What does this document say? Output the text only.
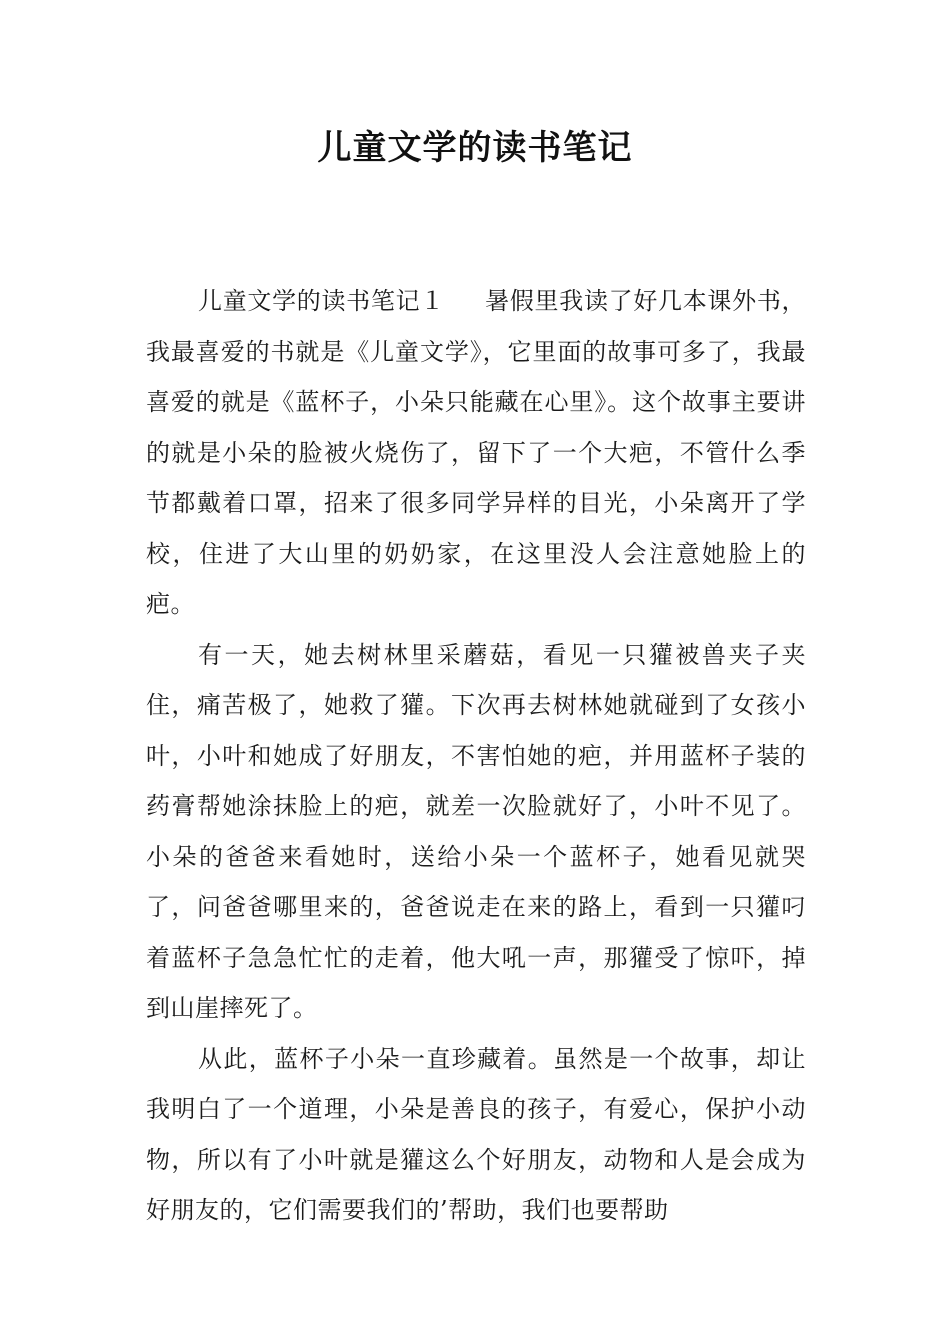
儿童文学的读书笔记

儿童文学的读书笔记１ 暑假里我读了好几本课外书，我最喜爱的书就是《儿童文学》，它里面的故事可多了，我最喜爱的就是《蓝杯子，小朵只能藏在心里》。这个故事主要讲的就是小朵的脸被火烧伤了，留下了一个大疤，不管什么季节都戴着口罩，招来了很多同学异样的目光，小朵离开了学校，住进了大山里的奶奶家，在这里没人会注意她脸上的疤。

有一天，她去树林里采蘑菇，看见一只獾被兽夹子夹住，痛苦极了，她救了獾。下次再去树林她就碰到了女孩小叶，小叶和她成了好朋友，不害怕她的疤，并用蓝杯子装的药膏帮她涂抹脸上的疤，就差一次脸就好了，小叶不见了。小朵的爸爸来看她时，送给小朵一个蓝杯子，她看见就哭了，问爸爸哪里来的，爸爸说走在来的路上，看到一只獾叼着蓝杯子急急忙忙的走着，他大吼一声，那獾受了惊吓，掉到山崖摔死了。

从此，蓝杯子小朵一直珍藏着。虽然是一个故事，却让我明白了一个道理，小朵是善良的孩子，有爱心，保护小动物，所以有了小叶就是獾这么个好朋友，动物和人是会成为好朋友的，它们需要我们的’帮助，我们也要帮助
